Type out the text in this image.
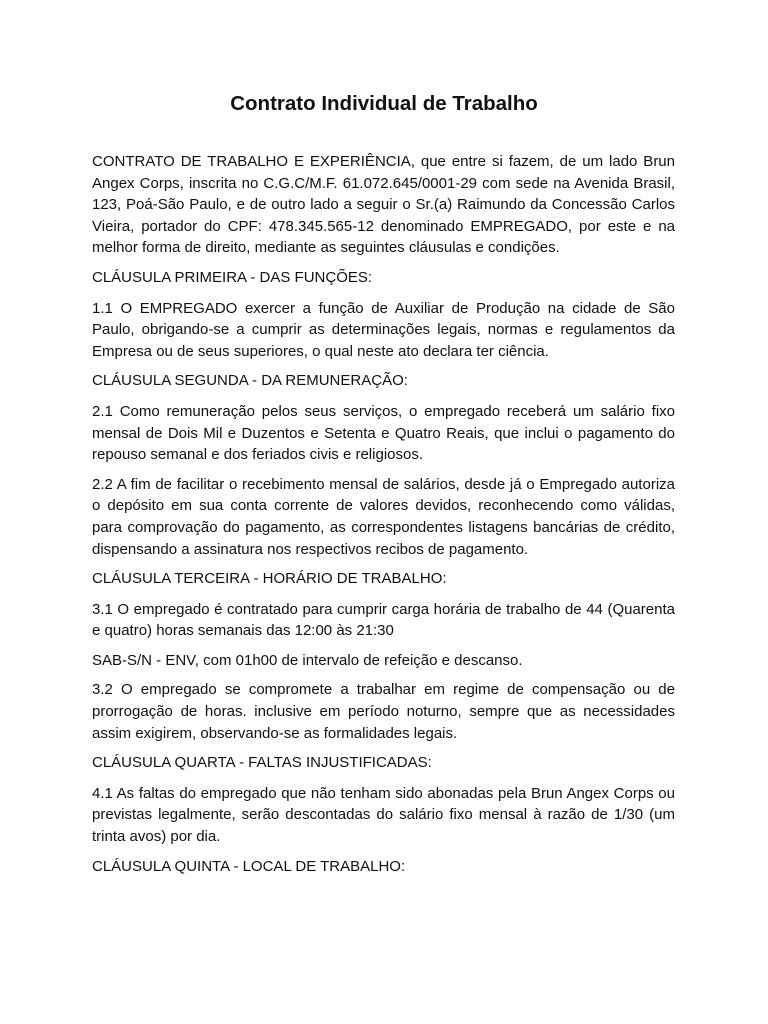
Contrato Individual de Trabalho

CONTRATO DE TRABALHO E EXPERIÊNCIA, que entre si fazem, de um lado Brun Angex Corps, inscrita no C.G.C/M.F. 61.072.645/0001-29 com sede na Avenida Brasil, 123, Poá-São Paulo, e de outro lado a seguir o Sr.(a) Raimundo da Concessão Carlos Vieira, portador do CPF: 478.345.565-12 denominado EMPREGADO, por este e na melhor forma de direito, mediante as seguintes cláusulas e condições.

CLÁUSULA PRIMEIRA - DAS FUNÇÕES:

1.1 O EMPREGADO exercer a função de Auxiliar de Produção na cidade de São Paulo, obrigando-se a cumprir as determinações legais, normas e regulamentos da Empresa ou de seus superiores, o qual neste ato declara ter ciência.

CLÁUSULA SEGUNDA - DA REMUNERAÇÃO:

2.1 Como remuneração pelos seus serviços, o empregado receberá um salário fixo mensal de Dois Mil e Duzentos e Setenta e Quatro Reais, que inclui o pagamento do repouso semanal e dos feriados civis e religiosos.

2.2 A fim de facilitar o recebimento mensal de salários, desde já o Empregado autoriza o depósito em sua conta corrente de valores devidos, reconhecendo como válidas, para comprovação do pagamento, as correspondentes listagens bancárias de crédito, dispensando a assinatura nos respectivos recibos de pagamento.

CLÁUSULA TERCEIRA - HORÁRIO DE TRABALHO:

3.1 O empregado é contratado para cumprir carga horária de trabalho de 44 (Quarenta e quatro) horas semanais das 12:00 às 21:30

SAB-S/N - ENV, com 01h00 de intervalo de refeição e descanso.

3.2 O empregado se compromete a trabalhar em regime de compensação ou de prorrogação de horas. inclusive em período noturno, sempre que as necessidades assim exigirem, observando-se as formalidades legais.

CLÁUSULA QUARTA - FALTAS INJUSTIFICADAS:

4.1 As faltas do empregado que não tenham sido abonadas pela Brun Angex Corps ou previstas legalmente, serão descontadas do salário fixo mensal à razão de 1/30 (um trinta avos) por dia.

CLÁUSULA QUINTA - LOCAL DE TRABALHO:
